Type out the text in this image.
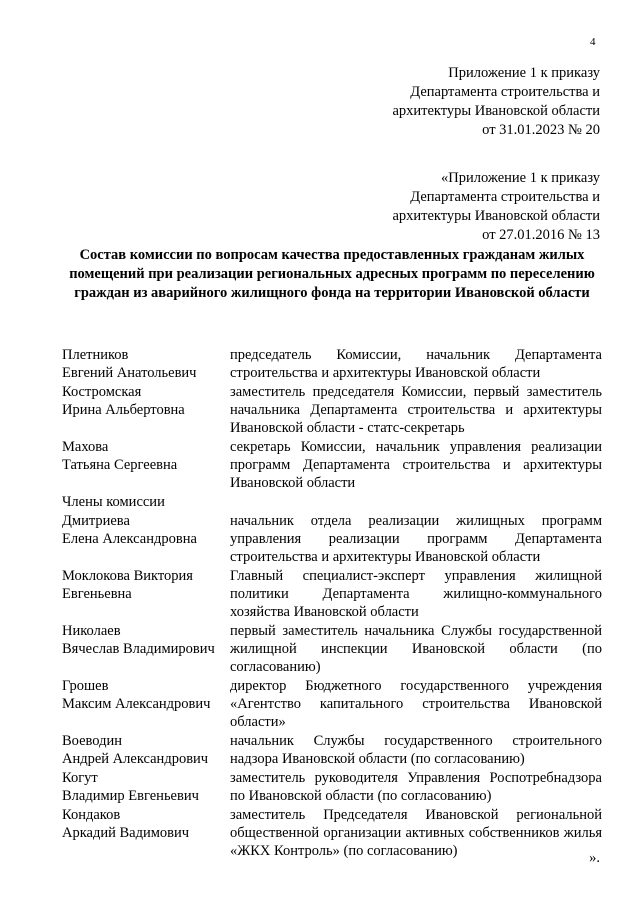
4
Приложение 1 к приказу
Департамента строительства и
архитектуры Ивановской области
от 31.01.2023 № 20
«Приложение 1 к приказу
Департамента строительства и
архитектуры Ивановской области
от 27.01.2016 № 13
Состав комиссии по вопросам качества предоставленных гражданам жилых помещений при реализации региональных адресных программ по переселению граждан из аварийного жилищного фонда на территории Ивановской области
Плетников
Евгений Анатольевич
председатель Комиссии, начальник Департамента строительства и архитектуры Ивановской области
Костромская
Ирина Альбертовна
заместитель председателя Комиссии, первый заместитель начальника Департамента строительства и архитектуры Ивановской области - статс-секретарь
Махова
Татьяна Сергеевна
секретарь Комиссии, начальник управления реализации программ Департамента строительства и архитектуры Ивановской области
Члены комиссии
Дмитриева
Елена Александровна
начальник отдела реализации жилищных программ управления реализации программ Департамента строительства и архитектуры Ивановской области
Моклокова Виктория
Евгеньевна
Главный специалист-эксперт управления жилищной политики Департамента жилищно-коммунального хозяйства Ивановской области
Николаев
Вячеслав Владимирович
первый заместитель начальника Службы государственной жилищной инспекции Ивановской области (по согласованию)
Грошев
Максим Александрович
директор Бюджетного государственного учреждения «Агентство капитального строительства Ивановской области»
Воеводин
Андрей Александрович
начальник Службы государственного строительного надзора Ивановской области (по согласованию)
Когут
Владимир Евгеньевич
заместитель руководителя Управления Роспотребнадзора по Ивановской области (по согласованию)
Кондаков
Аркадий Вадимович
заместитель Председателя Ивановской региональной общественной организации активных собственников жилья «ЖКХ Контроль» (по согласованию)	».
